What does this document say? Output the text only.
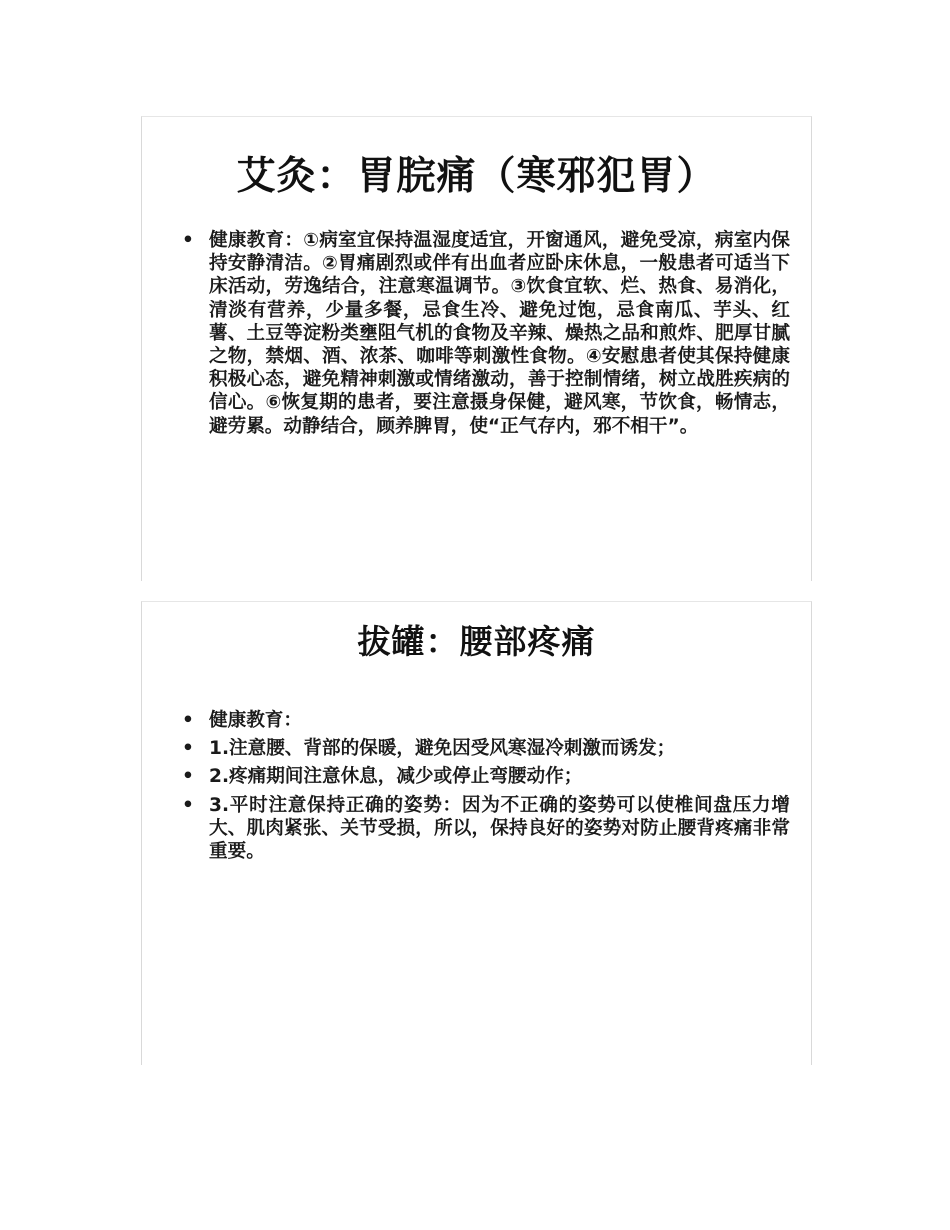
艾灸：胃脘痛（寒邪犯胃）
• 健康教育：①病室宜保持温湿度适宜，开窗通风，避免受凉，病室内保持安静清洁。②胃痛剧烈或伴有出血者应卧床休息，一般患者可适当下床活动，劳逸结合，注意寒温调节。③饮食宜软、烂、热食、易消化，清淡有营养，少量多餐，忌食生冷、避免过饱，忌食南瓜、芋头、红薯、土豆等淀粉类壅阻气机的食物及辛辣、燥热之品和煎炸、肥厚甘腻之物，禁烟、酒、浓茶、咖啡等刺激性食物。④安慰患者使其保持健康积极心态，避免精神刺激或情绪激动，善于控制情绪，树立战胜疾病的信心。⑥恢复期的患者，要注意摄身保健，避风寒，节饮食，畅情志，避劳累。动静结合，顾养脾胃，使“正气存内，邪不相干”。
拔罐：腰部疼痛
• 健康教育：
• 1.注意腰、背部的保暖，避免因受风寒湿冷刺激而诱发；
• 2.疼痛期间注意休息，减少或停止弯腰动作；
• 3.平时注意保持正确的姿势：因为不正确的姿势可以使椎间盘压力增大、肌肉紧张、关节受损，所以，保持良好的姿势对防止腰背疼痛非常重要。
